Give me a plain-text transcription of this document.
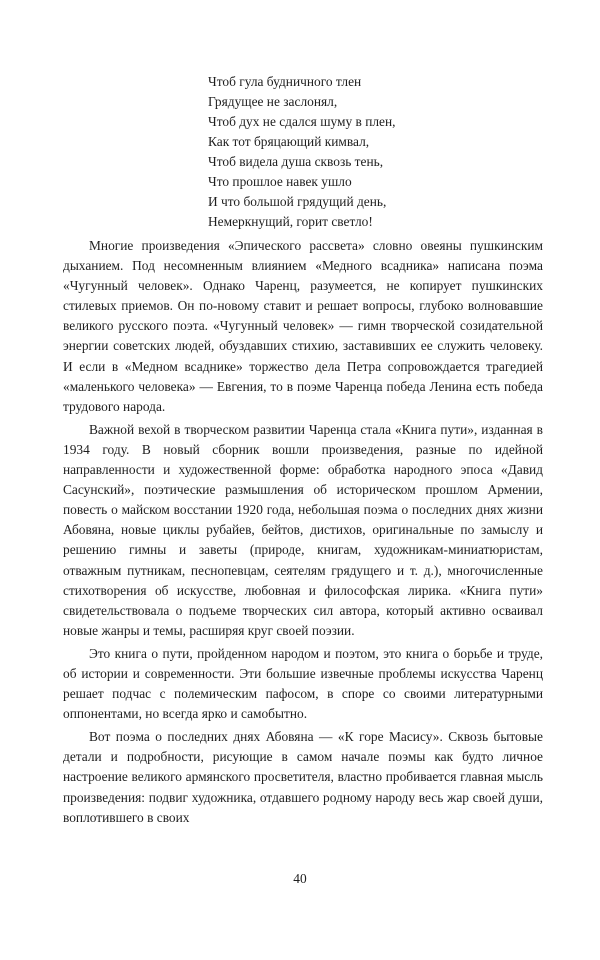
Чтоб гула будничного тлен
Грядущее не заслонял,
Чтоб дух не сдался шуму в плен,
Как тот бряцающий кимвал,
Чтоб видела душа сквозь тень,
Что прошлое навек ушло
И что большой грядущий день,
Немеркнущий, горит светло!

Многие произведения «Эпического рассвета» словно овеяны пушкинским дыханием. Под несомненным влиянием «Медного всадника» написана поэма «Чугунный человек». Однако Чаренц, разумеется, не копирует пушкинских стилевых приемов. Он по-новому ставит и решает вопросы, глубоко волновавшие великого русского поэта. «Чугунный человек» — гимн творческой созидательной энергии советских людей, обуздавших стихию, заставивших ее служить человеку. И если в «Медном всаднике» торжество дела Петра сопровождается трагедией «маленького человека» — Евгения, то в поэме Чаренца победа Ленина есть победа трудового народа.

Важной вехой в творческом развитии Чаренца стала «Книга пути», изданная в 1934 году. В новый сборник вошли произведения, разные по идейной направленности и художественной форме: обработка народного эпоса «Давид Сасунский», поэтические размышления об историческом прошлом Армении, повесть о майском восстании 1920 года, небольшая поэма о последних днях жизни Абовяна, новые циклы рубайев, бейтов, дистихов, оригинальные по замыслу и решению гимны и заветы (природе, книгам, художникам-миниатюристам, отважным путникам, песнопевцам, сеятелям грядущего и т. д.), многочисленные стихотворения об искусстве, любовная и философская лирика. «Книга пути» свидетельствовала о подъеме творческих сил автора, который активно осваивал новые жанры и темы, расширяя круг своей поэзии.

Это книга о пути, пройденном народом и поэтом, это книга о борьбе и труде, об истории и современности. Эти большие извечные проблемы искусства Чаренц решает подчас с полемическим пафосом, в споре со своими литературными оппонентами, но всегда ярко и самобытно.

Вот поэма о последних днях Абовяна — «К горе Масису». Сквозь бытовые детали и подробности, рисующие в самом начале поэмы как будто личное настроение великого армянского просветителя, властно пробивается главная мысль произведения: подвиг художника, отдавшего родному народу весь жар своей души, воплотившего в своих

40
